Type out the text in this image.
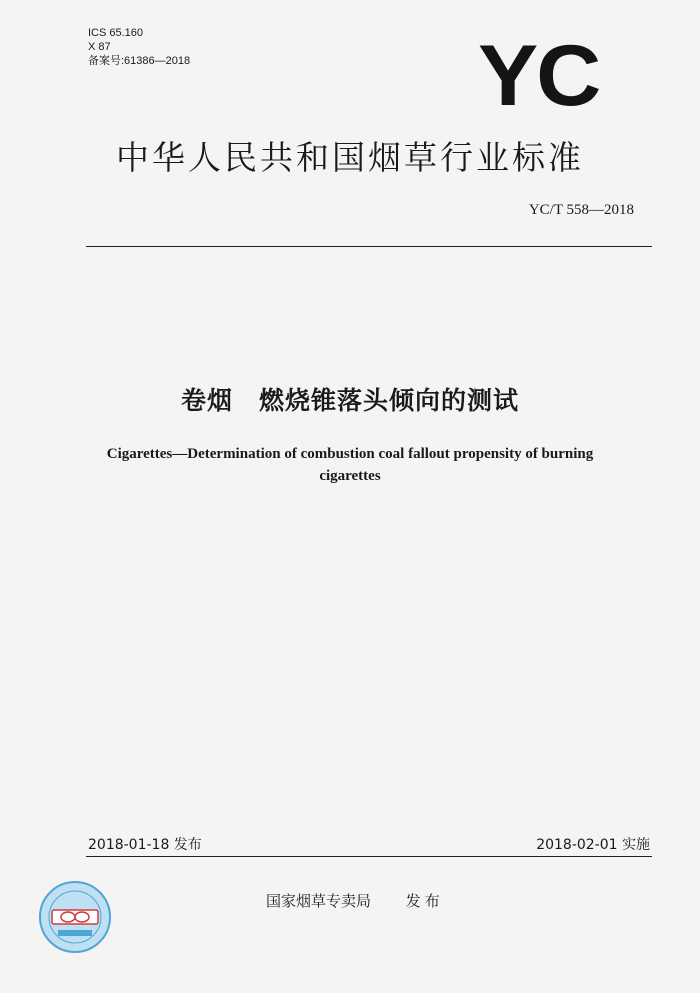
ICS 65.160
X 87
备案号:61386—2018	YC
中华人民共和国烟草行业标准
YC/T 558—2018
卷烟　燃烧锥落头倾向的测试
Cigarettes—Determination of combustion coal fallout propensity of burning cigarettes
2018-01-18 发布	2018-02-01 实施
国家烟草专卖局 发布
